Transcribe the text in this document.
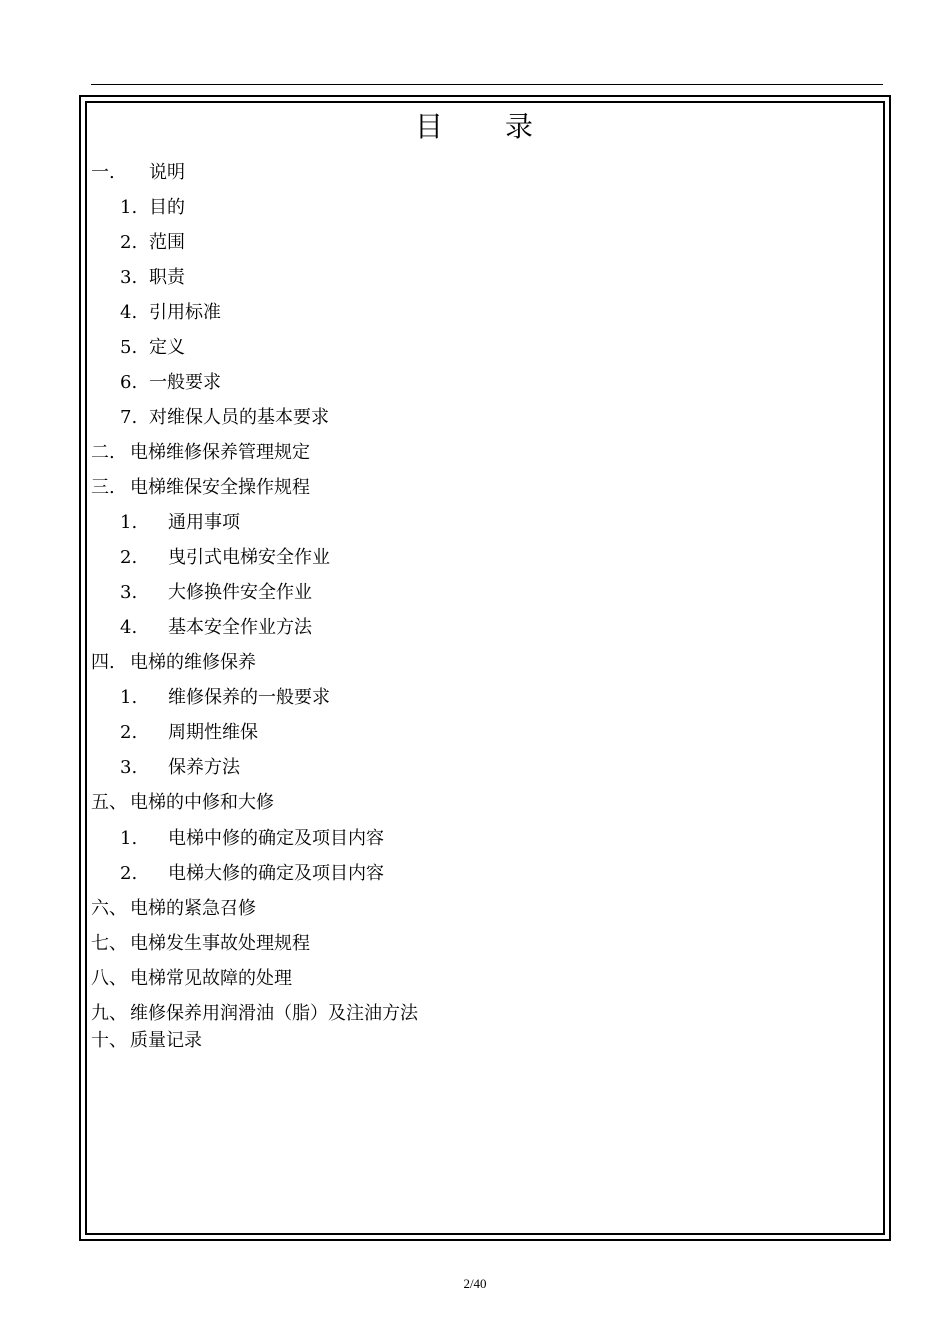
目　　录
一. 说明
1. 目的
2. 范围
3. 职责
4. 引用标准
5. 定义
6. 一般要求
7. 对维保人员的基本要求
二. 电梯维修保养管理规定
三. 电梯维保安全操作规程
1. 通用事项
2. 曳引式电梯安全作业
3. 大修换件安全作业
4. 基本安全作业方法
四. 电梯的维修保养
1. 维修保养的一般要求
2. 周期性维保
3. 保养方法
五、 电梯的中修和大修
1. 电梯中修的确定及项目内容
2. 电梯大修的确定及项目内容
六、 电梯的紧急召修
七、 电梯发生事故处理规程
八、 电梯常见故障的处理
九、 维修保养用润滑油（脂）及注油方法
十、 质量记录
2/40
